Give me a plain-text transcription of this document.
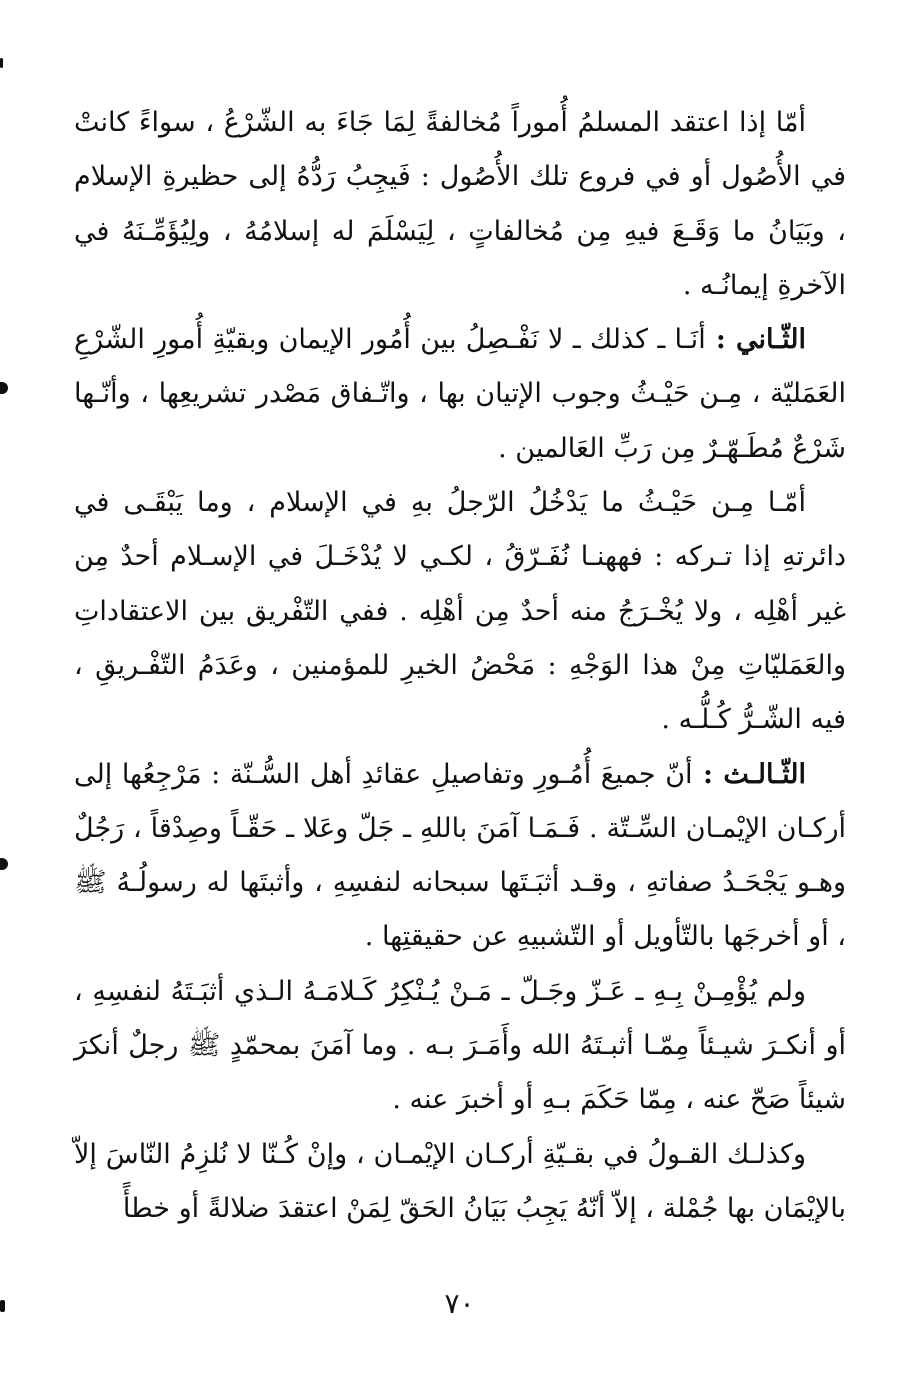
أمّا إذا اعتقد المسلمُ أُموراً مُخالفةً لِمَا جَاءَ به الشّرْعُ ، سواءً كانتْ في الأُصُول أو في فروع تلك الأُصُول : فَيجِبُ رَدُّهُ إلى حظيرةِ الإسلام ، وبَيَانُ ما وَقَـعَ فيهِ مِن مُخالفاتٍ ، لِيَسْلَمَ له إسلامُهُ ، ولِيُؤَمِّـنَهُ في الآخرةِ إيمانُـه .

الثّـاني : أنَـا ـ كذلك ـ لا نَفْـصِلُ بين أُمُور الإيمان وبقيّةِ أُمورِ الشّرْعِ العَمَليّة ، مِـن حَيْـثُ وجوب الإتيان بها ، واتّـفاق مَصْدر تشريعِها ، وأنّـها شَرْعٌ مُطَـهّـرٌ مِن رَبِّ العَالمين .

أمّـا مِـن حَيْـثُ ما يَدْخُلُ الرّجلُ بهِ في الإسلام ، وما يَبْقَـى في دائرتهِ إذا تـركه : فههنـا نُفَـرّقُ ، لكـي لا يُدْخَـلَ في الإسـلام أحدٌ مِن غير أهْلِه ، ولا يُخْـرَجُ منه أحدٌ مِن أهْلِه . ففي التّفْريق بين الاعتقاداتِ والعَمَليّاتِ مِنْ هذا الوَجْهِ : مَحْضُ الخيرِ للمؤمنين ، وعَدَمُ التّفْـريقِ ، فيه الشّـرُّ كُـلُّـه .

الثّـالـث : أنّ جميعَ أُمُـورِ وتفاصيلِ عقائدِ أهل السُّـنّة : مَرْجِعُها إلى أركـان الإيْمـان السِّـتّة . فَـمَـا آمَنَ باللهِ ـ جَلّ وعَلا ـ حَقّـاً وصِدْقاً ، رَجُلٌ وهـو يَجْحَـدُ صفاتهِ ، وقـد أثبَـتَها سبحانه لنفسِهِ ، وأثبتَها له رسولُـهُ ﷺ ، أو أخرجَها بالتّأويل أو التّشبيهِ عن حقيقتِها .

ولم يُؤْمِـنْ بِـهِ ـ عَـزّ وجَـلّ ـ مَـنْ يُـنْكِرُ كَـلامَـهُ الـذي أثبَـتَهُ لنفسِهِ ، أو أنكـرَ شيـئاً مِمّـا أثبـتَهُ الله وأَمَـرَ بـه . وما آمَنَ بمحمّدٍ ﷺ رجلٌ أنكرَ شيئاً صَحّ عنه ، مِمّا حَكَمَ بـهِ أو أخبرَ عنه .

وكذلـك القـولُ في بقـيّةِ أركـان الإيْمـان ، وإنْ كُـنّا لا نُلزِمُ النّاسَ إلاّ بالإيْمَان بها جُمْلة ، إلاّ أنّهُ يَجِبُ بَيَانُ الحَقّ لِمَنْ اعتقدَ ضلالةً أو خطأً

٧٠
